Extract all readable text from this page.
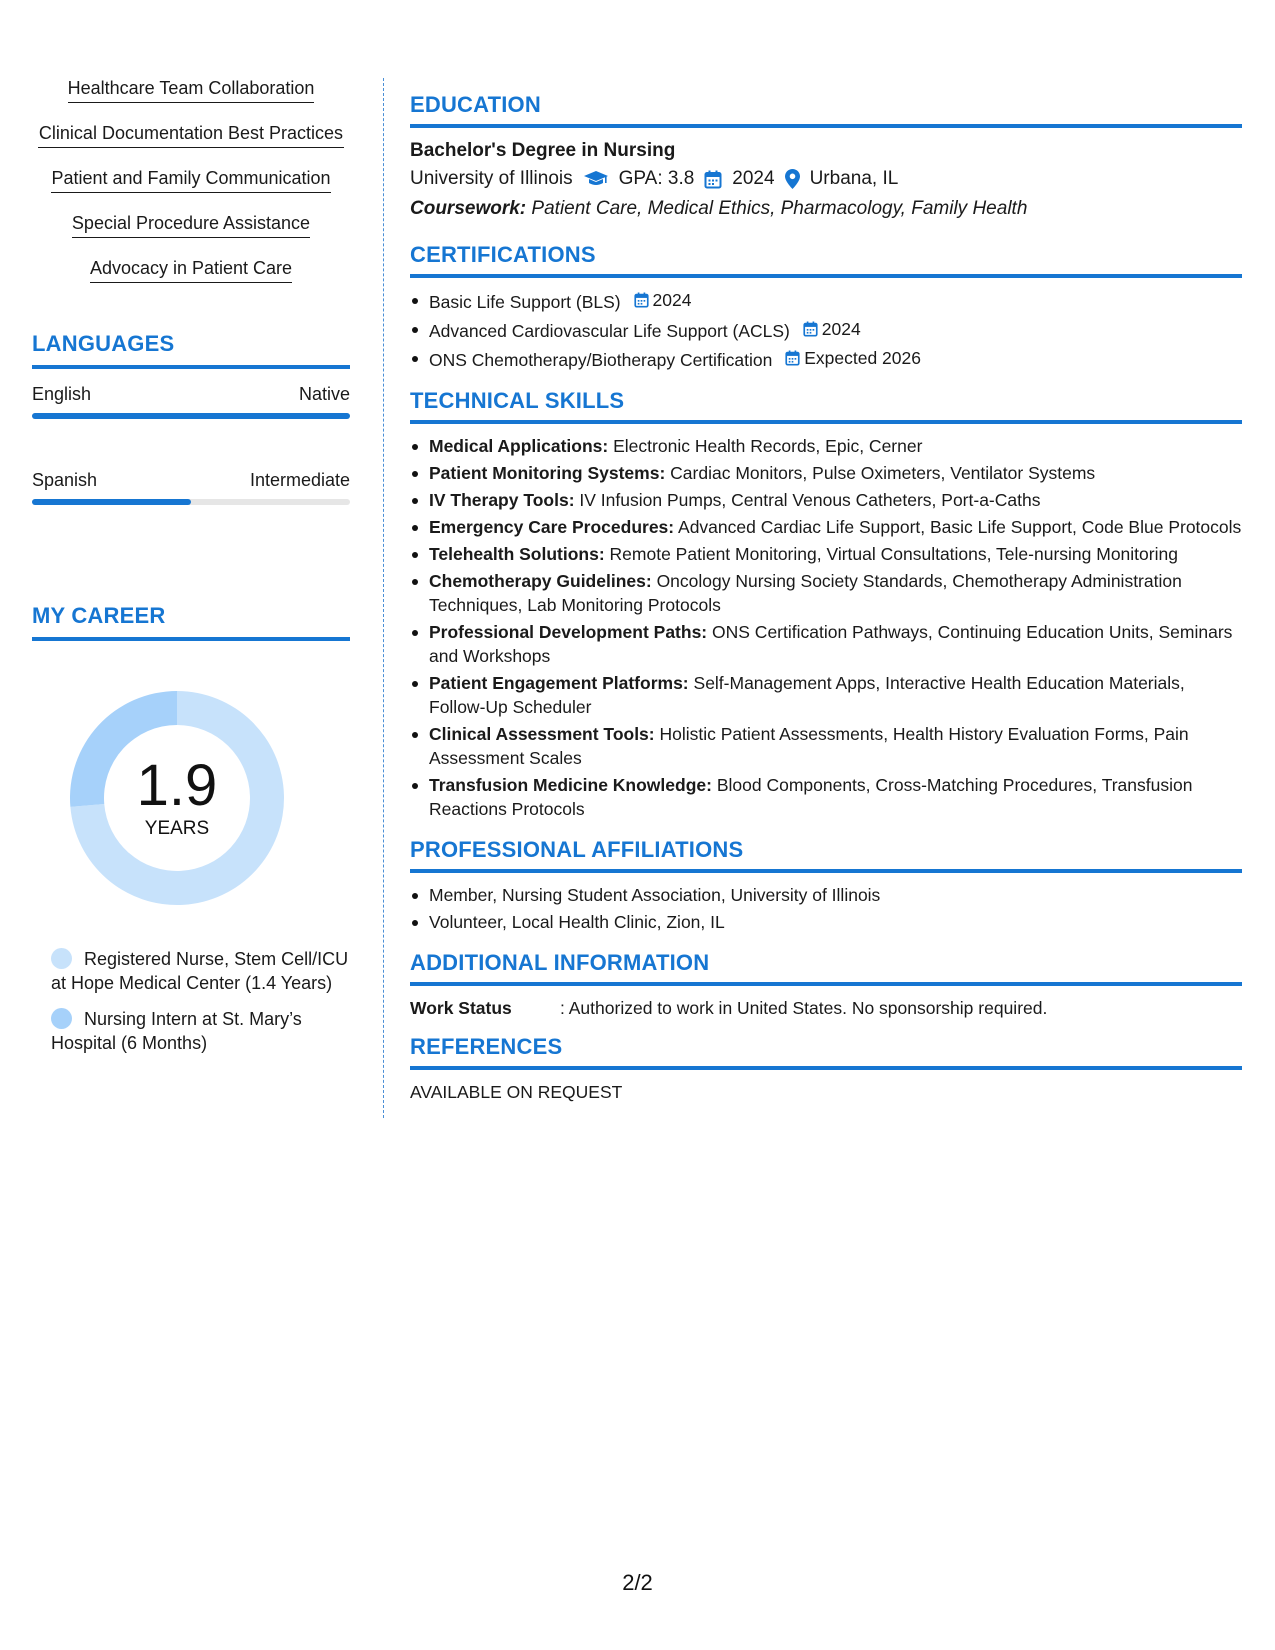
Healthcare Team Collaboration
Clinical Documentation Best Practices
Patient and Family Communication
Special Procedure Assistance
Advocacy in Patient Care
LANGUAGES
English	Native
Spanish	Intermediate
MY CAREER
1.9
YEARS
Registered Nurse, Stem Cell/ICU at Hope Medical Center (1.4 Years)
Nursing Intern at St. Mary’s Hospital (6 Months)
EDUCATION
Bachelor's Degree in Nursing
University of Illinois GPA: 3.8 2024 Urbana, IL
Coursework: Patient Care, Medical Ethics, Pharmacology, Family Health
CERTIFICATIONS
Basic Life Support (BLS) 2024
Advanced Cardiovascular Life Support (ACLS) 2024
ONS Chemotherapy/Biotherapy Certification Expected 2026
TECHNICAL SKILLS
Medical Applications: Electronic Health Records, Epic, Cerner
Patient Monitoring Systems: Cardiac Monitors, Pulse Oximeters, Ventilator Systems
IV Therapy Tools: IV Infusion Pumps, Central Venous Catheters, Port-a-Caths
Emergency Care Procedures: Advanced Cardiac Life Support, Basic Life Support, Code Blue Protocols
Telehealth Solutions: Remote Patient Monitoring, Virtual Consultations, Tele-nursing Monitoring
Chemotherapy Guidelines: Oncology Nursing Society Standards, Chemotherapy Administration Techniques, Lab Monitoring Protocols
Professional Development Paths: ONS Certification Pathways, Continuing Education Units, Seminars and Workshops
Patient Engagement Platforms: Self-Management Apps, Interactive Health Education Materials, Follow-Up Scheduler
Clinical Assessment Tools: Holistic Patient Assessments, Health History Evaluation Forms, Pain Assessment Scales
Transfusion Medicine Knowledge: Blood Components, Cross-Matching Procedures, Transfusion Reactions Protocols
PROFESSIONAL AFFILIATIONS
Member, Nursing Student Association, University of Illinois
Volunteer, Local Health Clinic, Zion, IL
ADDITIONAL INFORMATION
Work Status	: Authorized to work in United States. No sponsorship required.
REFERENCES
AVAILABLE ON REQUEST
2/2
